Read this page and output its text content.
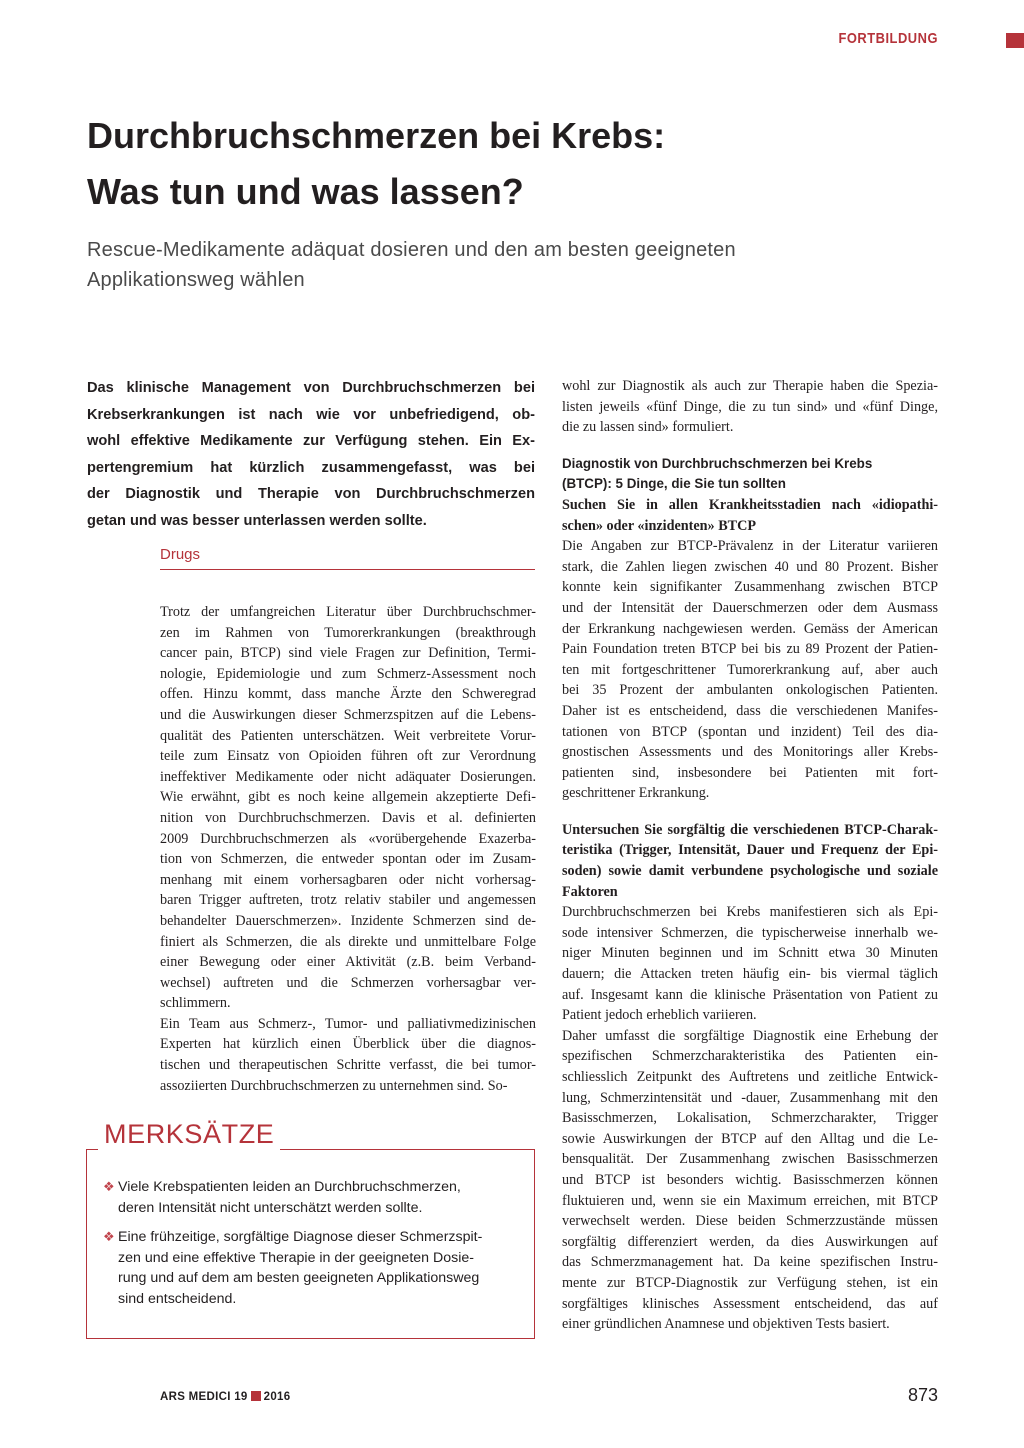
FORTBILDUNG
Durchbruchschmerzen bei Krebs:
Was tun und was lassen?
Rescue-Medikamente adäquat dosieren und den am besten geeigneten
Applikationsweg wählen
Das klinische Management von Durchbruchschmerzen bei
Krebserkrankungen ist nach wie vor unbefriedigend, ob-
wohl effektive Medikamente zur Verfügung stehen. Ein Ex-
pertengremium hat kürzlich zusammengefasst, was bei
der Diagnostik und Therapie von Durchbruchschmerzen
getan und was besser unterlassen werden sollte.
Drugs
Trotz der umfangreichen Literatur über Durchbruchschmer-
zen im Rahmen von Tumorerkrankungen (breakthrough
cancer pain, BTCP) sind viele Fragen zur Definition, Termi-
nologie, Epidemiologie und zum Schmerz-Assessment noch
offen. Hinzu kommt, dass manche Ärzte den Schweregrad
und die Auswirkungen dieser Schmerzspitzen auf die Lebens-
qualität des Patienten unterschätzen. Weit verbreitete Vorur-
teile zum Einsatz von Opioiden führen oft zur Verordnung
ineffektiver Medikamente oder nicht adäquater Dosierungen.
Wie erwähnt, gibt es noch keine allgemein akzeptierte Defi-
nition von Durchbruchschmerzen. Davis et al. definierten
2009 Durchbruchschmerzen als «vorübergehende Exazerba-
tion von Schmerzen, die entweder spontan oder im Zusam-
menhang mit einem vorhersagbaren oder nicht vorhersag-
baren Trigger auftreten, trotz relativ stabiler und angemessen
behandelter Dauerschmerzen». Inzidente Schmerzen sind de-
finiert als Schmerzen, die als direkte und unmittelbare Folge
einer Bewegung oder einer Aktivität (z.B. beim Verband-
wechsel) auftreten und die Schmerzen vorhersagbar ver-
schlimmern.
Ein Team aus Schmerz-, Tumor- und palliativmedizinischen
Experten hat kürzlich einen Überblick über die diagnos-
tischen und therapeutischen Schritte verfasst, die bei tumor-
assoziierten Durchbruchschmerzen zu unternehmen sind. So-
wohl zur Diagnostik als auch zur Therapie haben die Spezia-
listen jeweils «fünf Dinge, die zu tun sind» und «fünf Dinge,
die zu lassen sind» formuliert.
Diagnostik von Durchbruchschmerzen bei Krebs
(BTCP): 5 Dinge, die Sie tun sollten
Suchen Sie in allen Krankheitsstadien nach «idiopathi-
schen» oder «inzidenten» BTCP
Die Angaben zur BTCP-Prävalenz in der Literatur variieren
stark, die Zahlen liegen zwischen 40 und 80 Prozent. Bisher
konnte kein signifikanter Zusammenhang zwischen BTCP
und der Intensität der Dauerschmerzen oder dem Ausmass
der Erkrankung nachgewiesen werden. Gemäss der American
Pain Foundation treten BTCP bei bis zu 89 Prozent der Patien-
ten mit fortgeschrittener Tumorerkrankung auf, aber auch
bei 35 Prozent der ambulanten onkologischen Patienten.
Daher ist es entscheidend, dass die verschiedenen Manifes-
tationen von BTCP (spontan und inzident) Teil des dia-
gnostischen Assessments und des Monitorings aller Krebs-
patienten sind, insbesondere bei Patienten mit fort-
geschrittener Erkrankung.
Untersuchen Sie sorgfältig die verschiedenen BTCP-Charak-
teristika (Trigger, Intensität, Dauer und Frequenz der Epi-
soden) sowie damit verbundene psychologische und soziale
Faktoren
Durchbruchschmerzen bei Krebs manifestieren sich als Epi-
sode intensiver Schmerzen, die typischerweise innerhalb we-
niger Minuten beginnen und im Schnitt etwa 30 Minuten
dauern; die Attacken treten häufig ein- bis viermal täglich
auf. Insgesamt kann die klinische Präsentation von Patient zu
Patient jedoch erheblich variieren.
Daher umfasst die sorgfältige Diagnostik eine Erhebung der
spezifischen Schmerzcharakteristika des Patienten ein-
schliesslich Zeitpunkt des Auftretens und zeitliche Entwick-
lung, Schmerzintensität und -dauer, Zusammenhang mit den
Basisschmerzen, Lokalisation, Schmerzcharakter, Trigger
sowie Auswirkungen der BTCP auf den Alltag und die Le-
bensqualität. Der Zusammenhang zwischen Basisschmerzen
und BTCP ist besonders wichtig. Basisschmerzen können
fluktuieren und, wenn sie ein Maximum erreichen, mit BTCP
verwechselt werden. Diese beiden Schmerzzustände müssen
sorgfältig differenziert werden, da dies Auswirkungen auf
das Schmerzmanagement hat. Da keine spezifischen Instru-
mente zur BTCP-Diagnostik zur Verfügung stehen, ist ein
sorgfältiges klinisches Assessment entscheidend, das auf
einer gründlichen Anamnese und objektiven Tests basiert.
MERKSÄTZE
❖ Viele Krebspatienten leiden an Durchbruchschmerzen,
deren Intensität nicht unterschätzt werden sollte.
❖ Eine frühzeitige, sorgfältige Diagnose dieser Schmerzspit-
zen und eine effektive Therapie in der geeigneten Dosie-
rung und auf dem am besten geeigneten Applikationsweg
sind entscheidend.
ARS MEDICI 19 2016	873
